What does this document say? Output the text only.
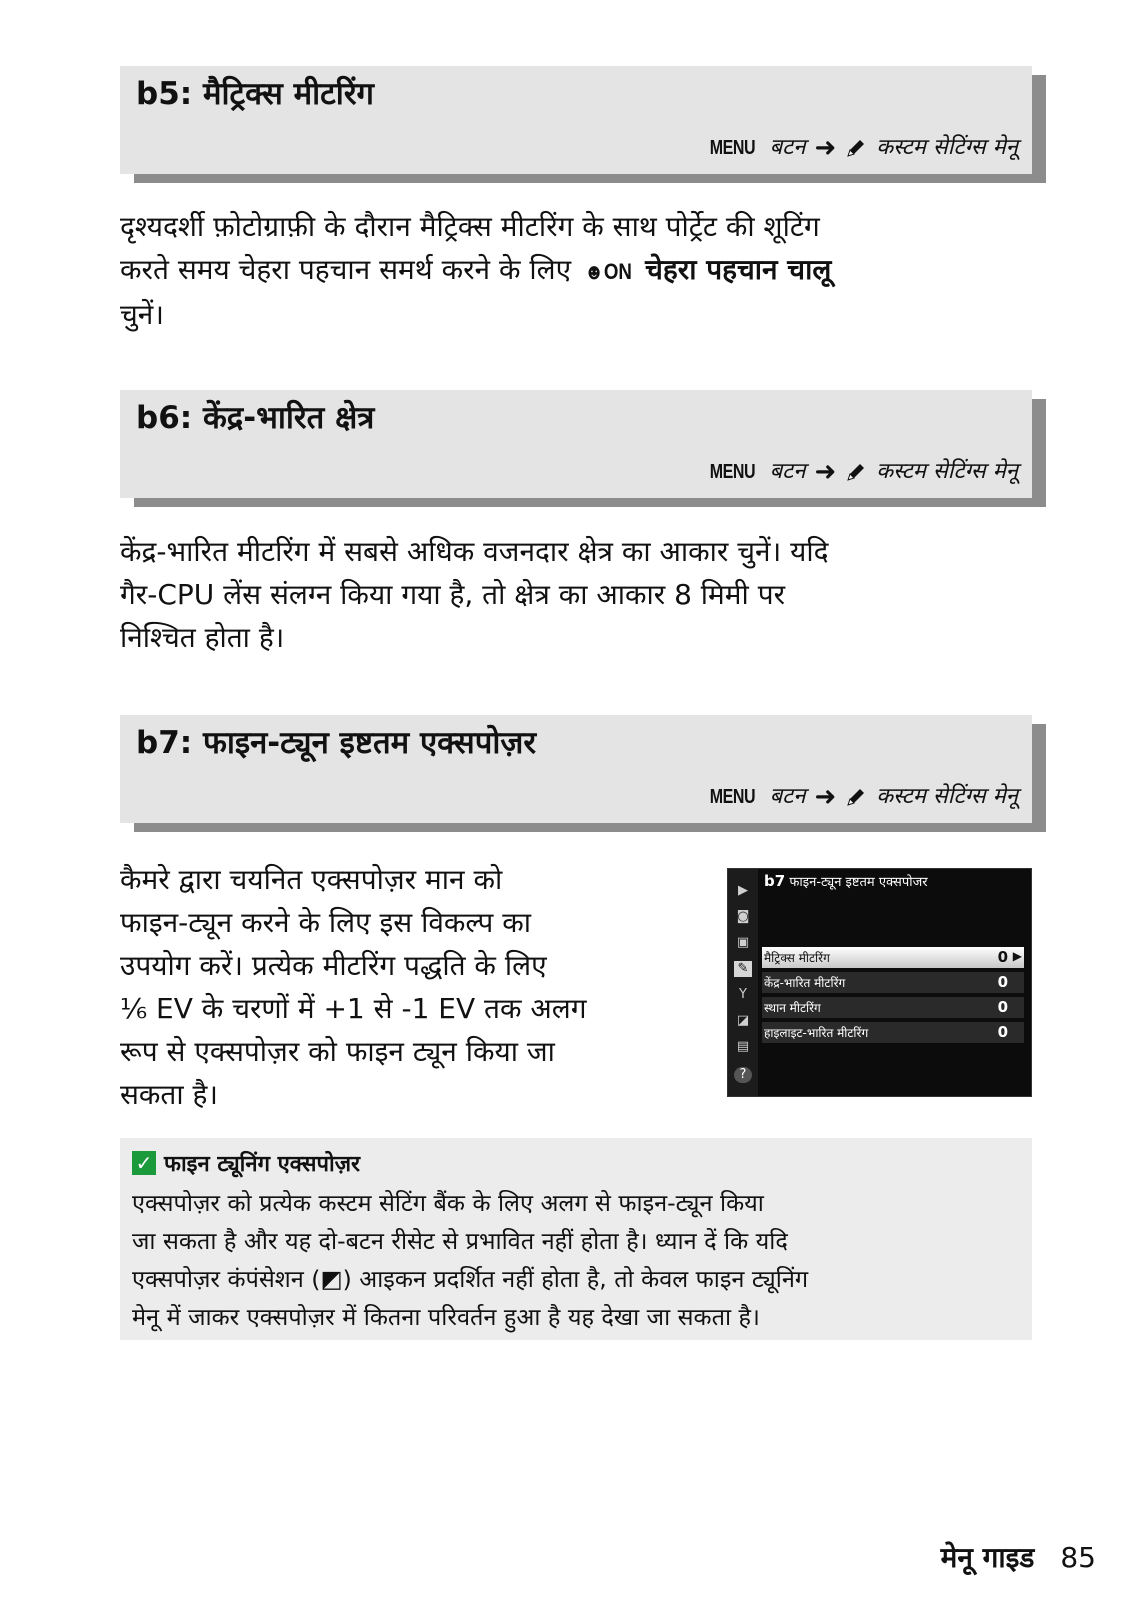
b5: मैट्रिक्स मीटरिंग
MENU बटन ➜ कस्टम सेटिंग्स मेनू
दृश्यदर्शी फ़ोटोग्राफ़ी के दौरान मैट्रिक्स मीटरिंग के साथ पोर्ट्रेट की शूटिंग
करते समय चेहरा पहचान समर्थ करने के लिए ☻ON चेहरा पहचान चालू
चुनें।
b6: केंद्र-भारित क्षेत्र
MENU बटन ➜ कस्टम सेटिंग्स मेनू
केंद्र-भारित मीटरिंग में सबसे अधिक वजनदार क्षेत्र का आकार चुनें। यदि
गैर-CPU लेंस संलग्न किया गया है, तो क्षेत्र का आकार 8 मिमी पर
निश्चित होता है।
b7: फाइन-ट्यून इष्टतम एक्सपोज़र
MENU बटन ➜ कस्टम सेटिंग्स मेनू
कैमरे द्वारा चयनित एक्सपोज़र मान को
फाइन-ट्यून करने के लिए इस विकल्प का
उपयोग करें। प्रत्येक मीटरिंग पद्धति के लिए
⅙ EV के चरणों में +1 से -1 EV तक अलग
रूप से एक्सपोज़र को फाइन ट्यून किया जा
सकता है।
▶
◙
▣
✎
Y
◪
▤
?
b7 फाइन-ट्यून इष्टतम एक्सपोजर
मैट्रिक्स मीटरिंग	0 ▶
केंद्र-भारित मीटरिंग	0
स्थान मीटरिंग	0
हाइलाइट-भारित मीटरिंग	0
✓ फाइन ट्यूनिंग एक्सपोज़र
एक्सपोज़र को प्रत्येक कस्टम सेटिंग बैंक के लिए अलग से फाइन-ट्यून किया
जा सकता है और यह दो-बटन रीसेट से प्रभावित नहीं होता है। ध्यान दें कि यदि
एक्सपोज़र कंपंसेशन (◩) आइकन प्रदर्शित नहीं होता है, तो केवल फाइन ट्यूनिंग
मेनू में जाकर एक्सपोज़र में कितना परिवर्तन हुआ है यह देखा जा सकता है।
मेनू गाइड 85
